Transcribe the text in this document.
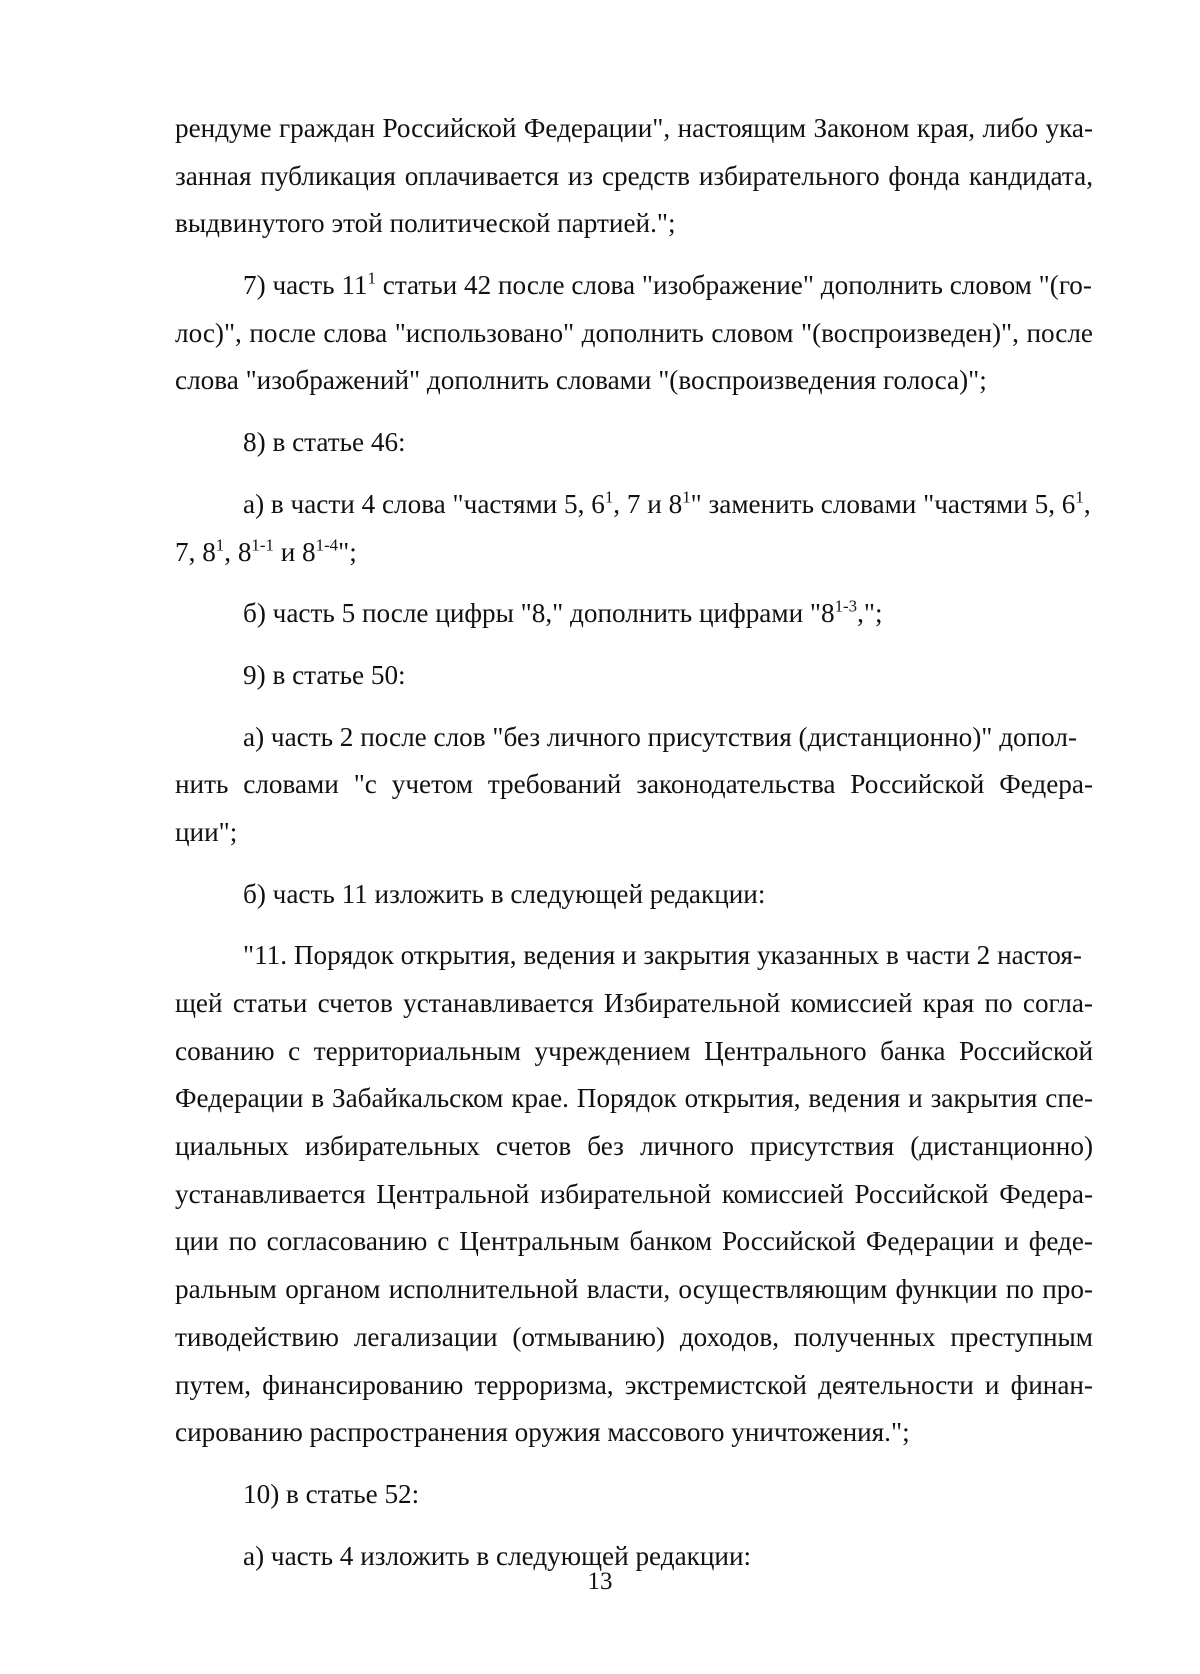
рендуме граждан Российской Федерации", настоящим Законом края, либо ука-
занная публикация оплачивается из средств избирательного фонда кандидата,
выдвинутого этой политической партией.";
7) часть $11^1$ статьи 42 после слова "изображение" дополнить словом "(го-
лос)", после слова "использовано" дополнить словом "(воспроизведен)", после
слова "изображений" дополнить словами "(воспроизведения голоса)";
8) в статье 46:
а) в части 4 слова "частями 5, $6^1$, 7 и $8^1$" заменить словами "частями 5, $6^1$,
7, $8^1$, 8$^{1-1}$ и 8$^{1-4}$";
б) часть 5 после цифры "8," дополнить цифрами "8$^{1-3}$,";
9) в статье 50:
а) часть 2 после слов "без личного присутствия (дистанционно)" допол-
нить словами "с учетом требований законодательства Российской Федера-
ции";
б) часть 11 изложить в следующей редакции:
"11. Порядок открытия, ведения и закрытия указанных в части 2 настоя-
щей статьи счетов устанавливается Избирательной комиссией края по согла-
сованию с территориальным учреждением Центрального банка Российской
Федерации в Забайкальском крае. Порядок открытия, ведения и закрытия спе-
циальных избирательных счетов без личного присутствия (дистанционно)
устанавливается Центральной избирательной комиссией Российской Федера-
ции по согласованию с Центральным банком Российской Федерации и феде-
ральным органом исполнительной власти, осуществляющим функции по про-
тиводействию легализации (отмыванию) доходов, полученных преступным
путем, финансированию терроризма, экстремистской деятельности и финан-
сированию распространения оружия массового уничтожения.";
10) в статье 52:
а) часть 4 изложить в следующей редакции:
13
